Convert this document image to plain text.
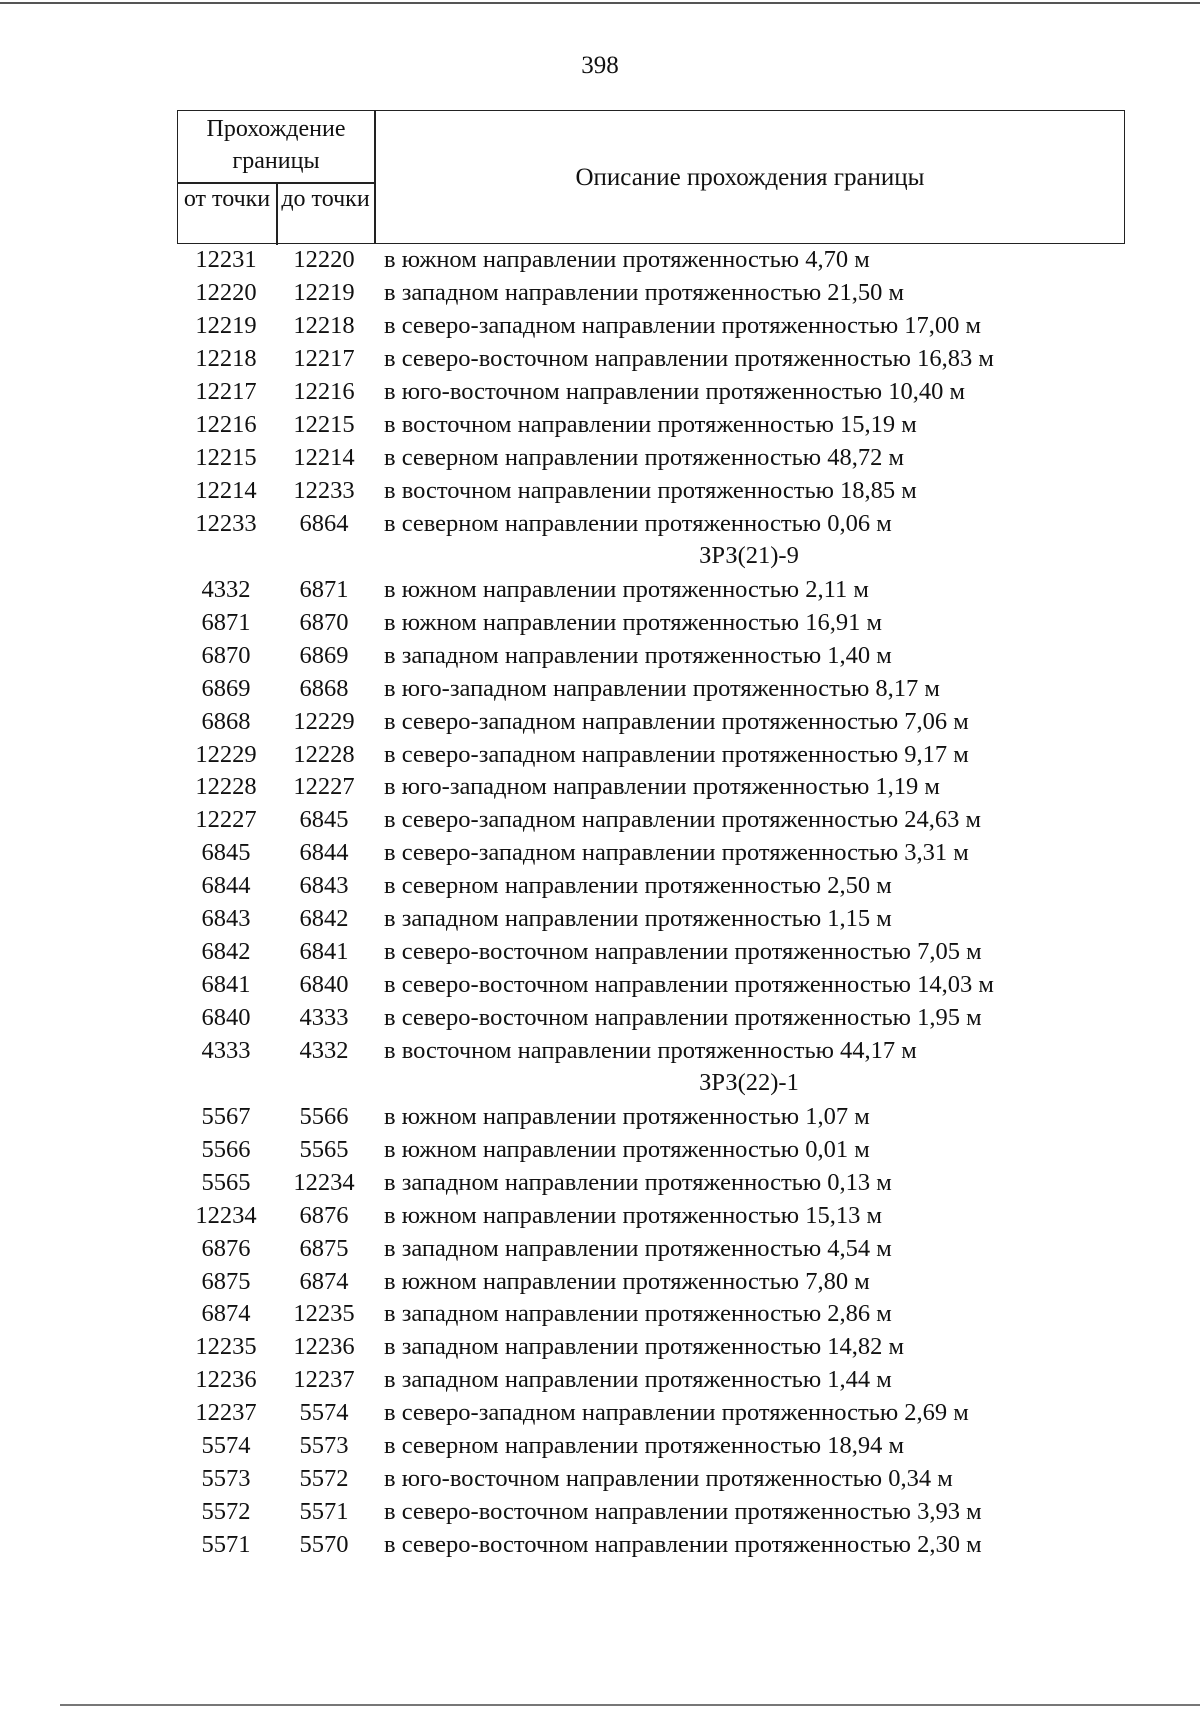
398
Прохождение границы
от точки до точки
Описание прохождения границы
12231	12220	в южном направлении протяженностью 4,70 м
12220	12219	в западном направлении протяженностью 21,50 м
12219	12218	в северо-западном направлении протяженностью 17,00 м
12218	12217	в северо-восточном направлении протяженностью 16,83 м
12217	12216	в юго-восточном направлении протяженностью 10,40 м
12216	12215	в восточном направлении протяженностью 15,19 м
12215	12214	в северном направлении протяженностью 48,72 м
12214	12233	в восточном направлении протяженностью 18,85 м
12233	6864	в северном направлении протяженностью 0,06 м
ЗРЗ(21)-9
4332	6871	в южном направлении протяженностью 2,11 м
6871	6870	в южном направлении протяженностью 16,91 м
6870	6869	в западном направлении протяженностью 1,40 м
6869	6868	в юго-западном направлении протяженностью 8,17 м
6868	12229	в северо-западном направлении протяженностью 7,06 м
12229	12228	в северо-западном направлении протяженностью 9,17 м
12228	12227	в юго-западном направлении протяженностью 1,19 м
12227	6845	в северо-западном направлении протяженностью 24,63 м
6845	6844	в северо-западном направлении протяженностью 3,31 м
6844	6843	в северном направлении протяженностью 2,50 м
6843	6842	в западном направлении протяженностью 1,15 м
6842	6841	в северо-восточном направлении протяженностью 7,05 м
6841	6840	в северо-восточном направлении протяженностью 14,03 м
6840	4333	в северо-восточном направлении протяженностью 1,95 м
4333	4332	в восточном направлении протяженностью 44,17 м
ЗРЗ(22)-1
5567	5566	в южном направлении протяженностью 1,07 м
5566	5565	в южном направлении протяженностью 0,01 м
5565	12234	в западном направлении протяженностью 0,13 м
12234	6876	в южном направлении протяженностью 15,13 м
6876	6875	в западном направлении протяженностью 4,54 м
6875	6874	в южном направлении протяженностью 7,80 м
6874	12235	в западном направлении протяженностью 2,86 м
12235	12236	в западном направлении протяженностью 14,82 м
12236	12237	в западном направлении протяженностью 1,44 м
12237	5574	в северо-западном направлении протяженностью 2,69 м
5574	5573	в северном направлении протяженностью 18,94 м
5573	5572	в юго-восточном направлении протяженностью 0,34 м
5572	5571	в северо-восточном направлении протяженностью 3,93 м
5571	5570	в северо-восточном направлении протяженностью 2,30 м
